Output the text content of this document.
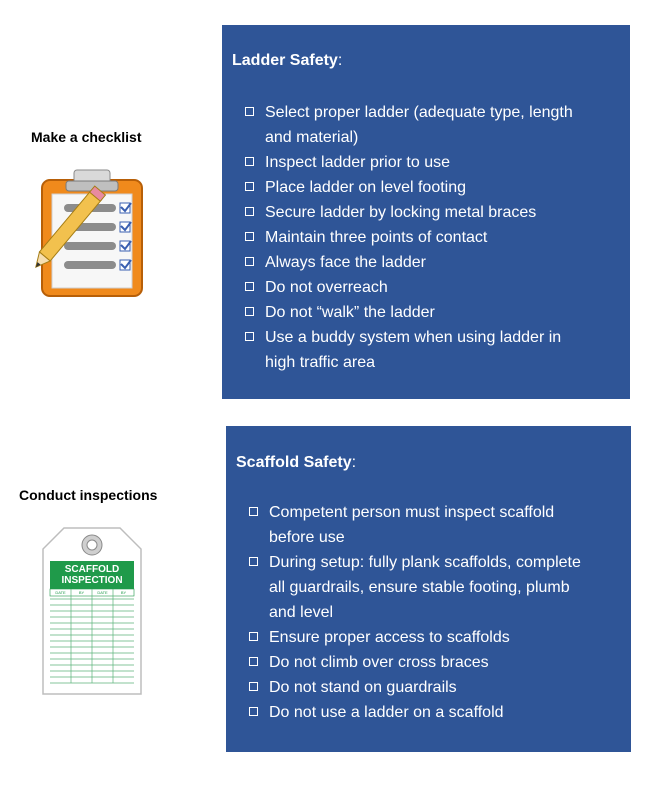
Make a checklist
Conduct inspections
SCAFFOLD
INSPECTION
DATE	BY	DATE	BY
Ladder Safety:
Select proper ladder (adequate type, length and material)
Inspect ladder prior to use
Place ladder on level footing
Secure ladder by locking metal braces
Maintain three points of contact
Always face the ladder
Do not overreach
Do not “walk” the ladder
Use a buddy system when using ladder in high traffic area
Scaffold Safety:
Competent person must inspect scaffold before use
During setup: fully plank scaffolds, complete all guardrails, ensure stable footing, plumb and level
Ensure proper access to scaffolds
Do not climb over cross braces
Do not stand on guardrails
Do not use a ladder on a scaffold
